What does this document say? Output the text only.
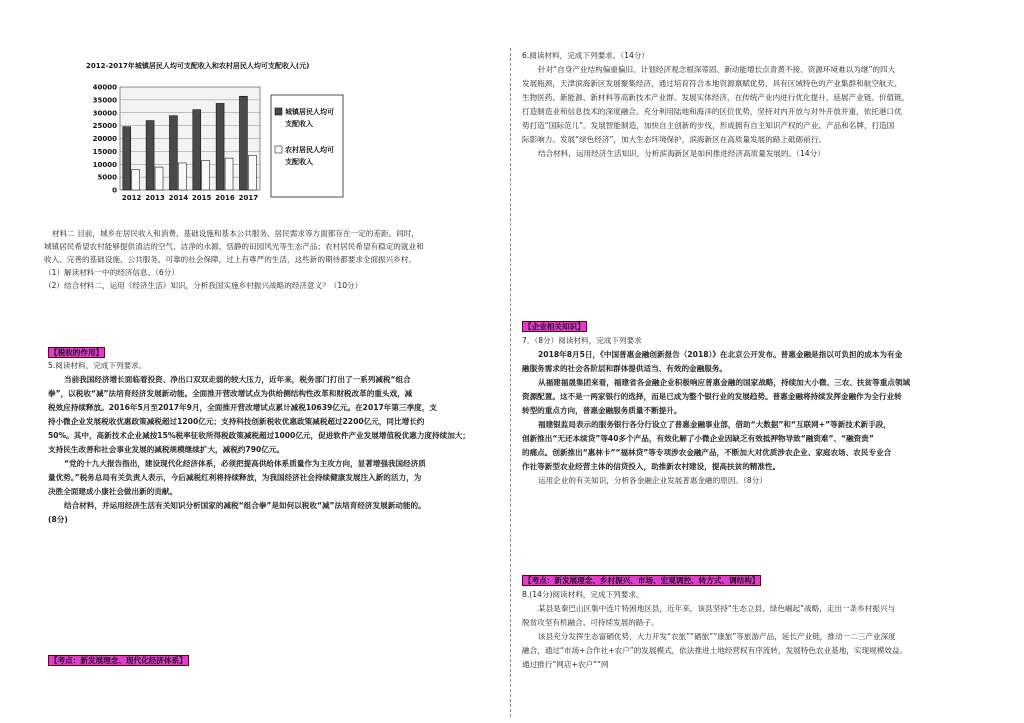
2012-2017年城镇居民人均可支配收入和农村居民人均可支配收入(元)
0
5000
10000
15000
20000
25000
30000
35000
40000
2012 2013 2014 2015 2016 2017
城镇居民人均可
支配收入
农村居民人均可
支配收入

材料二 目前，城乡在居民收入和消费、基础设施和基本公共服务、居民需求等方面都存在一定的差距。同时，

城镇居民希望农村能够提供清洁的空气、洁净的水源、恬静的田园风光等生态产品；农村居民希望有稳定的就业和

收入、完善的基础设施、公共服务、可靠的社会保障，过上有尊严的生活，这些新的期待都要求全面振兴乡村。

（1）解读材料一中的经济信息。（6分）

（2）结合材料二，运用《经济生活》知识，分析我国实施乡村振兴战略的经济意义？（10分）

【税收的作用】

5.阅读材料，完成下列要求。

当前我国经济增长面临着投资、净出口双双走弱的较大压力，近年来，税务部门打出了一系列减税“组合

拳”，以税收“减”法培育经济发展新动能。全面推开营改增试点为供给侧结构性改革和财税改革的重头戏，减

税效应持续释放。2016年5月至2017年9月，全面推开营改增试点累计减税10639亿元。在2017年第三季度，支

持小微企业发展税收优惠政策减税超过1200亿元；支持科技创新税收优惠政策减税超过2200亿元，同比增长约

50%。其中，高新技术企业减按15%税率征收所得税政策减税超过1000亿元，促进软件产业发展增值税优惠力度持续加大；

支持民生改善和社会事业发展的减税规模继续扩大，减税约790亿元。

“党的十九大报告指出，建设现代化经济体系，必须把提高供给体系质量作为主攻方向，显著增强我国经济质

量优势。”税务总局有关负责人表示，今后减税红利将持续释放，为我国经济社会持续健康发展注入新的活力，为

决胜全面建成小康社会做出新的贡献。

结合材料，并运用经济生活有关知识分析国家的减税“组合拳”是如何以税收“减”法培育经济发展新动能的。

(8分)

【考点：新发展理念、现代化经济体系】

6.阅读材料，完成下列要求。（14分）

针对“自身产业结构偏重偏旧、计划经济观念根深蒂固、新动能增长点青黄不接、资源环境难以为继”的四大

发展瓶颈，天津滨海新区发展聚集经济，通过培育符合本地资源禀赋优势、具有区域特色的产业集群和航空航天、

生物医药、新能源、新材料等高新技术产业群。发展实体经济，在传统产业内进行优化提升，延展产业链、价值链，

打造制造业和信息技术的深度融合。充分利用陆地和海洋的区位优势，坚持对内开放与对外开放并重，依托港口优

势打造“国际范儿”。发展智能制造，加快自主创新的步伐，形成拥有自主知识产权的产业、产品和名牌，打造国

际影响力。发展“绿色经济”，加大生态环境保护，滨海新区在高质量发展的路上砥砺前行。

结合材料，运用经济生活知识，分析滨海新区是如何推进经济高质量发展的。（14分）

【企业相关知识】

7．（8分）阅读材料，完成下列要求

2018年8月5日，《中国普惠金融创新报告（2018）》在北京公开发布。普惠金融是指以可负担的成本为有金

融服务需求的社会各阶层和群体提供适当、有效的金融服务。

从福建福晟集团来看，福建省各金融企业积极响应普惠金融的国家战略，持续加大小微、三农、扶贫等重点领域

资源配置。这不是一两家银行的选择，而是已成为整个银行业的发展趋势。普惠金融将持续发挥金融作为全行业转

转型的重点方向，普惠金融服务质量不断提升。

福建银监局表示的服务银行各分行设立了普惠金融事业部，借助“大数据”和“互联网+”等新技术新手段，

创新推出“无还本续贷”等40多个产品，有效化解了小微企业因缺乏有效抵押物导致“融资难”、“融资贵”

的痛点。创新推出“惠林卡”“福林贷”等专项涉农金融产品，不断加大对优质涉农企业、家庭农场、农民专业合

作社等新型农业经营主体的信贷投入，助推新农村建设，提高扶贫的精准性。

运用企业的有关知识，分析各金融企业发展普惠金融的原因。（8分）

【考点：新发展理念、乡村振兴、市场、宏观调控、转方式、调结构】

8.(14分)阅读材料，完成下列要求。

某县是秦巴山区集中连片特困地区县，近年来，该县坚持“生态立县、绿色崛起”战略，走出一条乡村振兴与

脱贫攻坚有机融合、可持续发展的路子。

该县充分发挥生态富硒优势，大力开发“农旅”“硒旅”“康旅”等旅游产品，延长产业链，推动一二三产业深度

融合，通过“市场+合作社+农户”的发展模式，依法推进土地经营权有序流转，发展特色农业基地，实现规模效益。

通过推行“网店+农户”“网
